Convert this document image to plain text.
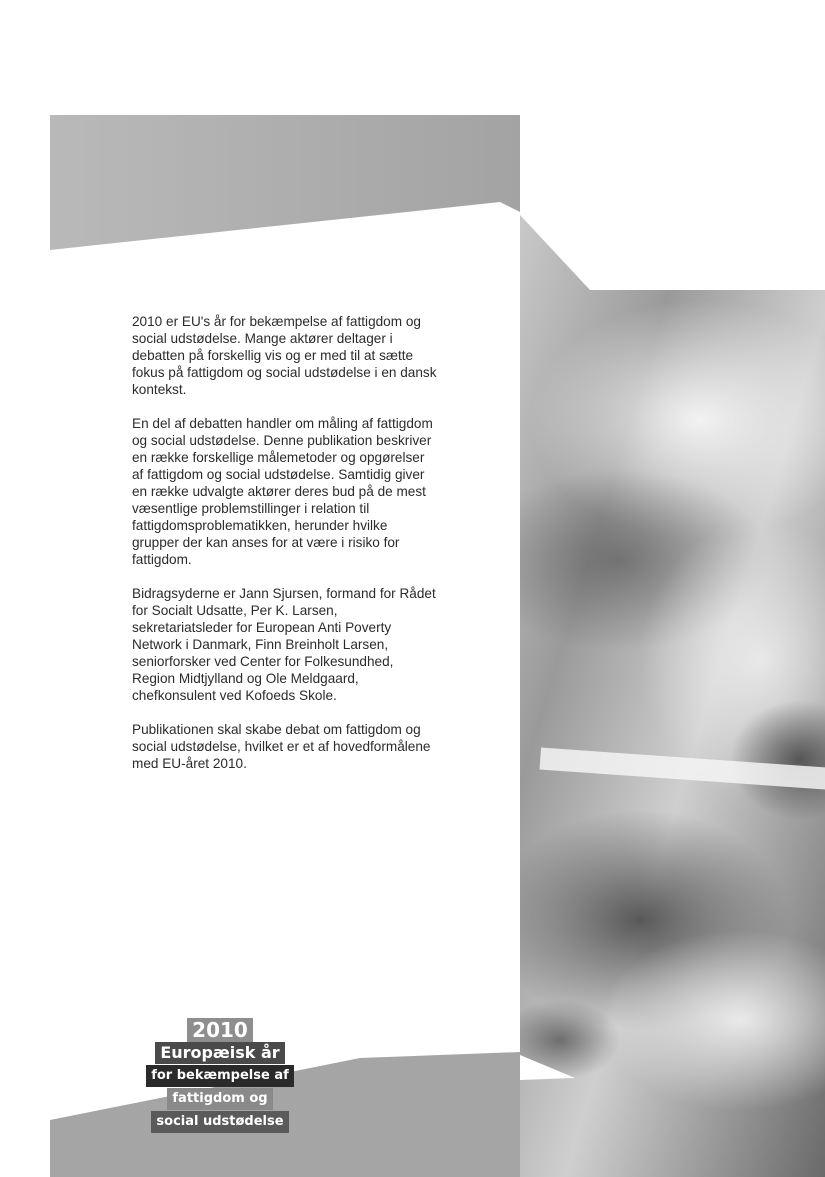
2010 er EU's år for bekæmpelse af fattigdom og social udstødelse. Mange aktører deltager i debatten på forskellig vis og er med til at sætte fokus på fattigdom og social udstødelse i en dansk kontekst.

En del af debatten handler om måling af fattigdom og social udstødelse. Denne publikation beskriver en række forskellige målemetoder og opgørelser af fattigdom og social udstødelse. Samtidig giver en række udvalgte aktører deres bud på de mest væsentlige problemstillinger i relation til fattigdomsproblematikken, herunder hvilke grupper der kan anses for at være i risiko for fattigdom.

Bidragsyderne er Jann Sjursen, formand for Rådet for Socialt Udsatte, Per K. Larsen, sekretariatsleder for European Anti Poverty Network i Danmark, Finn Breinholt Larsen, seniorforsker ved Center for Folkesundhed, Region Midtjylland og Ole Meldgaard, chefkonsulent ved Kofoeds Skole.

Publikationen skal skabe debat om fattigdom og social udstødelse, hvilket er et af hovedformålene med EU-året 2010.

2010
Europæisk år
for bekæmpelse af
fattigdom og
social udstødelse
